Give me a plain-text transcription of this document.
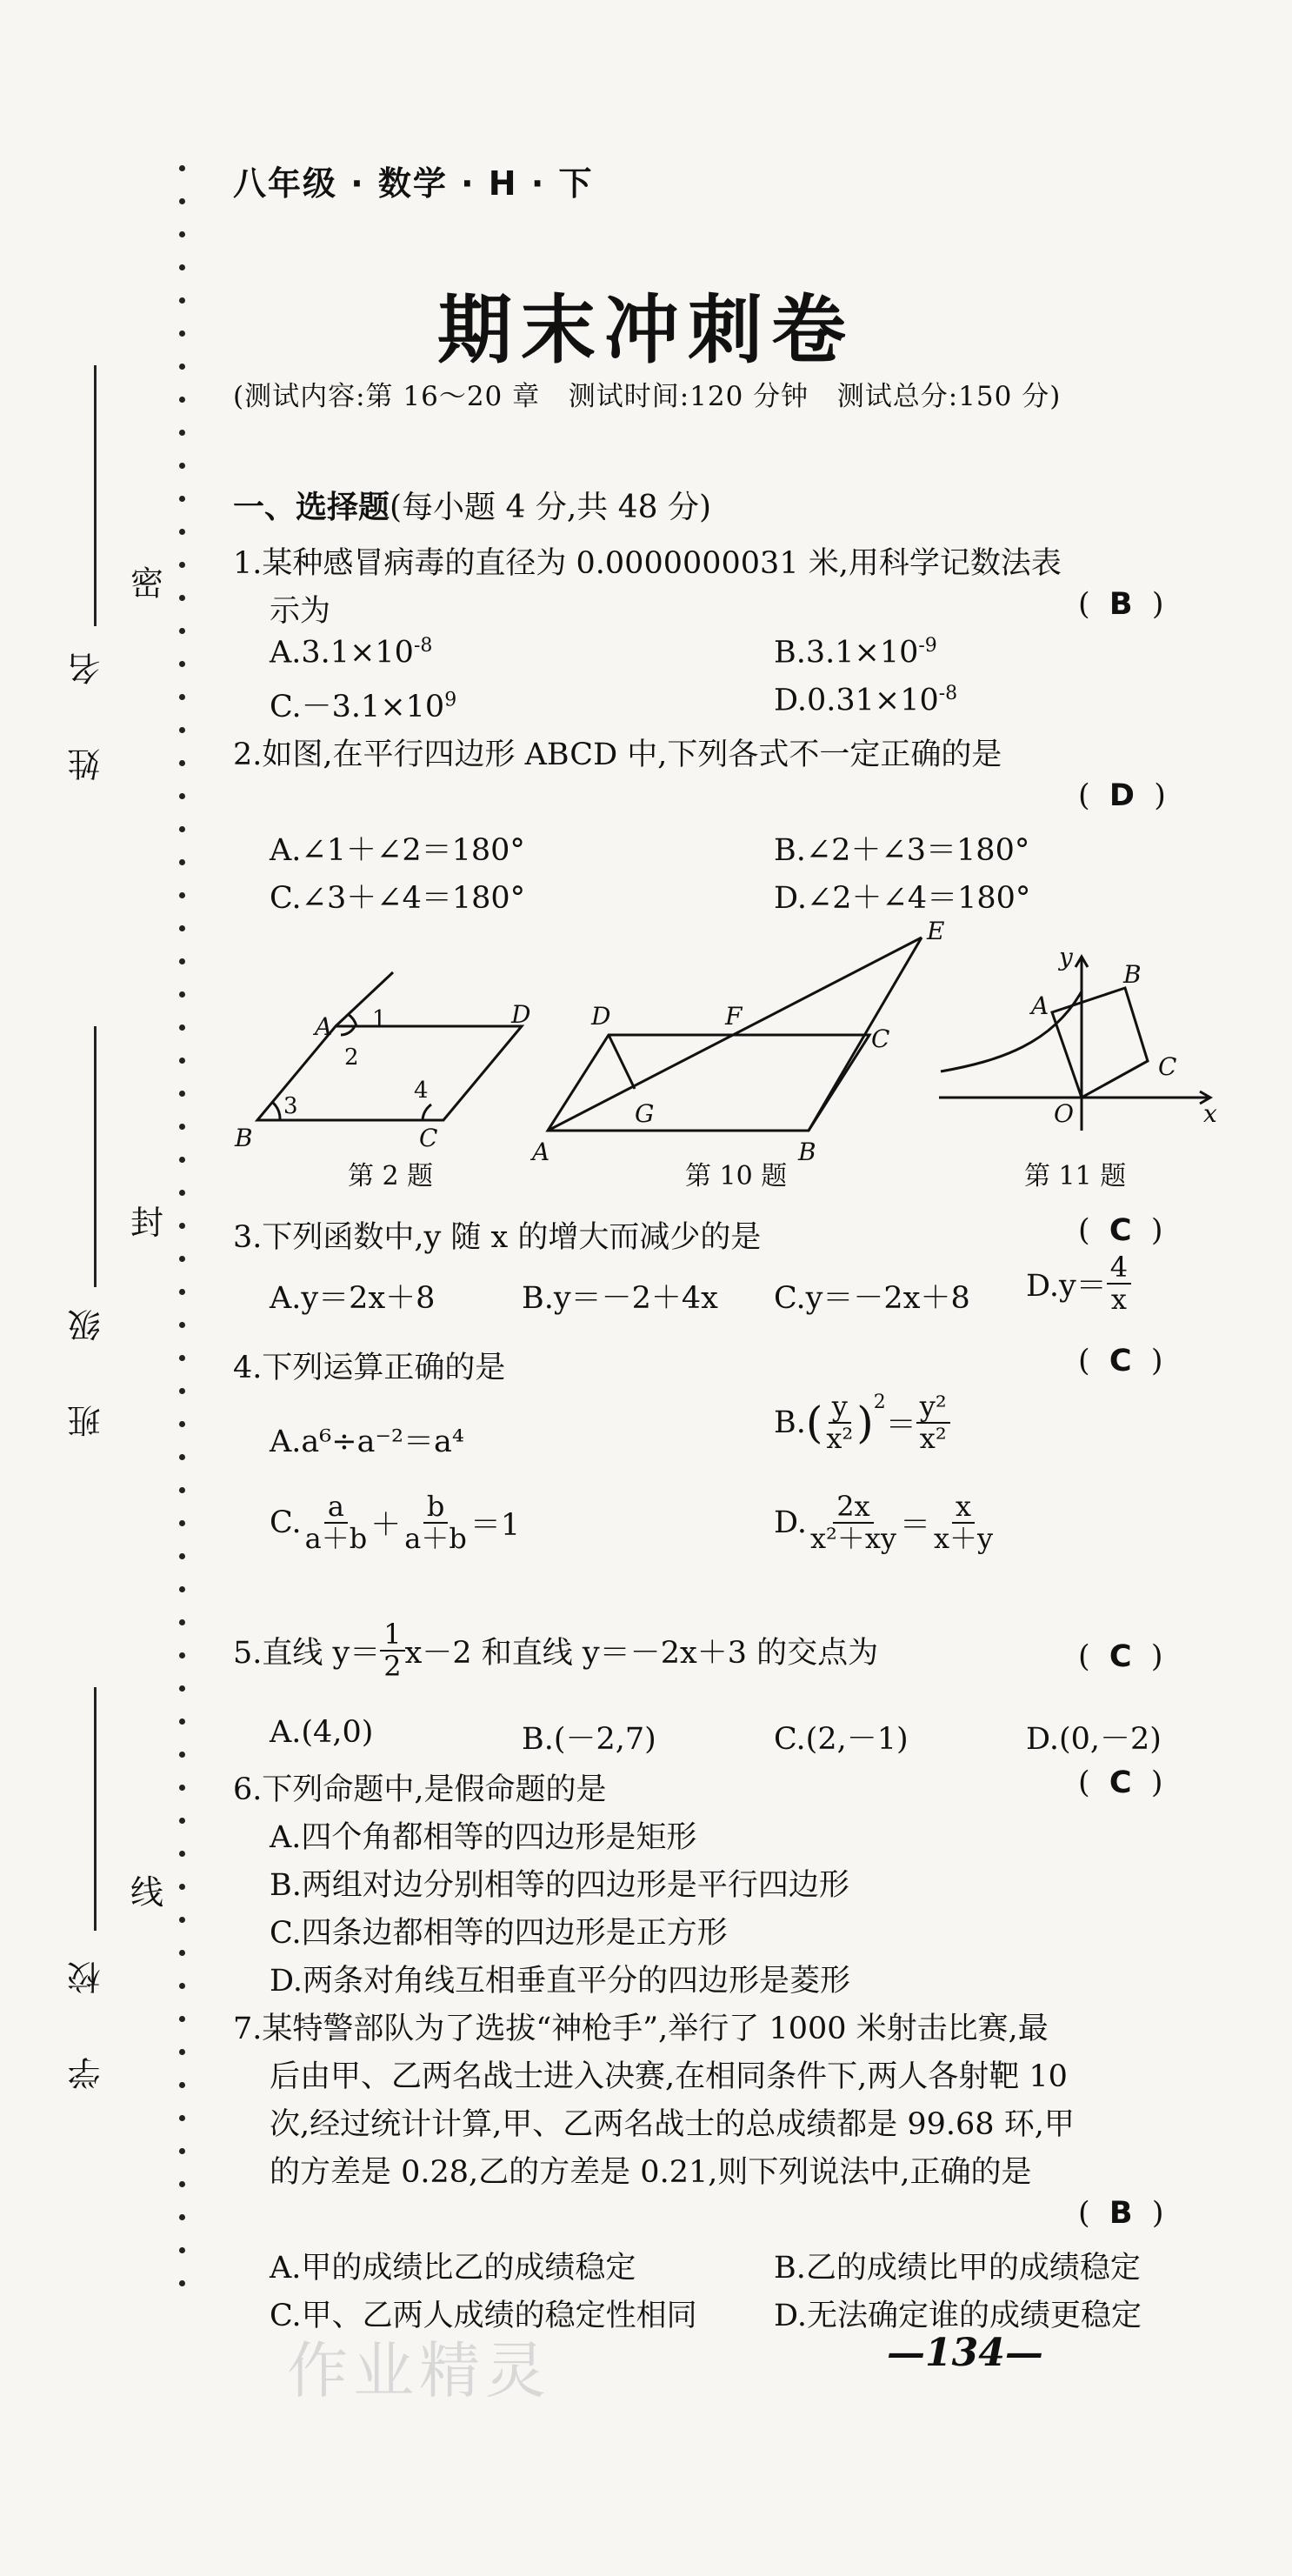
密
封
线
姓 名
班 级
学 校
八年级 · 数学 · H · 下
期末冲刺卷
(测试内容:第 16～20 章   测试时间:120 分钟   测试总分:150 分)
一、选择题(每小题 4 分,共 48 分)
1.某种感冒病毒的直径为 0.0000000031 米,用科学记数法表
示为	(  B  )
$A.3.1\times 10^{-8}$	$B.3.1\times 10^{-9}$
$C.-3.1\times 10^9$	$D.0.31\times 10^{-8}$
2.如图,在平行四边形 ABCD 中,下列各式不一定正确的是
(  D  )
A.∠1＋∠2＝180°	B.∠2＋∠3＝180°
C.∠3＋∠4＝180°	D.∠2＋∠4＝180°
A
B	C
D
1
2
3
4
第 2 题
A	B
C
D
E
F
G
第 10 题
A
B
C
O	x
y
第 11 题
3.下列函数中,y 随 x 的增大而减少的是	(  C  )
A.y＝2x＋8	B.y＝－2＋4x C.y＝－2x＋8 $D.y= \frac{4}{x}$
4.下列运算正确的是	(  C  )
A.a⁶÷a⁻²＝a⁴
B. ( $\frac{y}{\text{x²}} )^2$
＝ $\frac{\text{y²}}{\text{x²}}$
C. $\frac{a}{a+b} + \frac{b}{a+b} =1$	D. $\frac{2x}{\text{x²＋xy}} = \frac{x}{x+y}$
5.直线 $y= \frac{1}{2} x-2$ 和直线 y＝－2x＋3 的交点为	(  C  )
A.(4,0)	B.(－2,7)	C.(2,－1)	D.(0,－2)
6.下列命题中,是假命题的是	(  C  )
A.四个角都相等的四边形是矩形
B.两组对边分别相等的四边形是平行四边形
C.四条边都相等的四边形是正方形
D.两条对角线互相垂直平分的四边形是菱形
7.某特警部队为了选拔“神枪手”,举行了 1000 米射击比赛,最
后由甲、乙两名战士进入决赛,在相同条件下,两人各射靶 10
次,经过统计计算,甲、乙两名战士的总成绩都是 99.68 环,甲
的方差是 0.28,乙的方差是 0.21,则下列说法中,正确的是
(  B  )
A.甲的成绩比乙的成绩稳定	B.乙的成绩比甲的成绩稳定
C.甲、乙两人成绩的稳定性相同	D.无法确定谁的成绩更稳定
作业精灵	—134—
